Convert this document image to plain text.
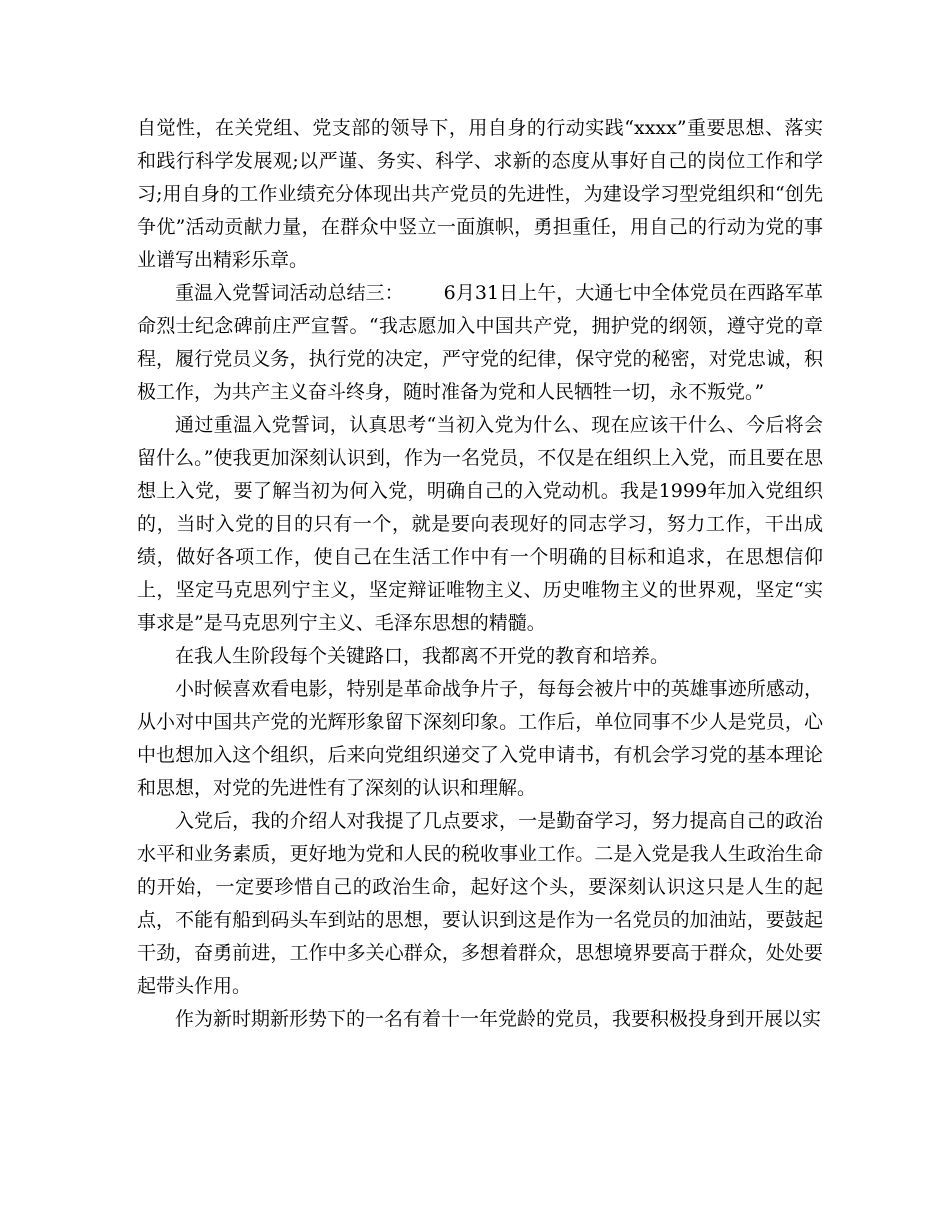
自觉性，在关党组、党支部的领导下，用自身的行动实践“xxxx”重要思想、落实和践行科学发展观;以严谨、务实、科学、求新的态度从事好自己的岗位工作和学习;用自身的工作业绩充分体现出共产党员的先进性，为建设学习型党组织和“创先争优”活动贡献力量，在群众中竖立一面旗帜，勇担重任，用自己的行动为党的事业谱写出精彩乐章。

重温入党誓词活动总结三： 6月31日上午，大通七中全体党员在西路军革命烈士纪念碑前庄严宣誓。“我志愿加入中国共产党，拥护党的纲领，遵守党的章程，履行党员义务，执行党的决定，严守党的纪律，保守党的秘密，对党忠诚，积极工作，为共产主义奋斗终身，随时准备为党和人民牺牲一切，永不叛党。”

通过重温入党誓词，认真思考“当初入党为什么、现在应该干什么、今后将会留什么。”使我更加深刻认识到，作为一名党员，不仅是在组织上入党，而且要在思想上入党，要了解当初为何入党，明确自己的入党动机。我是1999年加入党组织的，当时入党的目的只有一个，就是要向表现好的同志学习，努力工作，干出成绩，做好各项工作，使自己在生活工作中有一个明确的目标和追求，在思想信仰上，坚定马克思列宁主义，坚定辩证唯物主义、历史唯物主义的世界观，坚定“实事求是”是马克思列宁主义、毛泽东思想的精髓。

在我人生阶段每个关键路口，我都离不开党的教育和培养。

小时候喜欢看电影，特别是革命战争片子，每每会被片中的英雄事迹所感动，从小对中国共产党的光辉形象留下深刻印象。工作后，单位同事不少人是党员，心中也想加入这个组织，后来向党组织递交了入党申请书，有机会学习党的基本理论和思想，对党的先进性有了深刻的认识和理解。

入党后，我的介绍人对我提了几点要求，一是勤奋学习，努力提高自己的政治水平和业务素质，更好地为党和人民的税收事业工作。二是入党是我人生政治生命的开始，一定要珍惜自己的政治生命，起好这个头，要深刻认识这只是人生的起点，不能有船到码头车到站的思想，要认识到这是作为一名党员的加油站，要鼓起干劲，奋勇前进，工作中多关心群众，多想着群众，思想境界要高于群众，处处要起带头作用。

作为新时期新形势下的一名有着十一年党龄的党员，我要积极投身到开展以实
